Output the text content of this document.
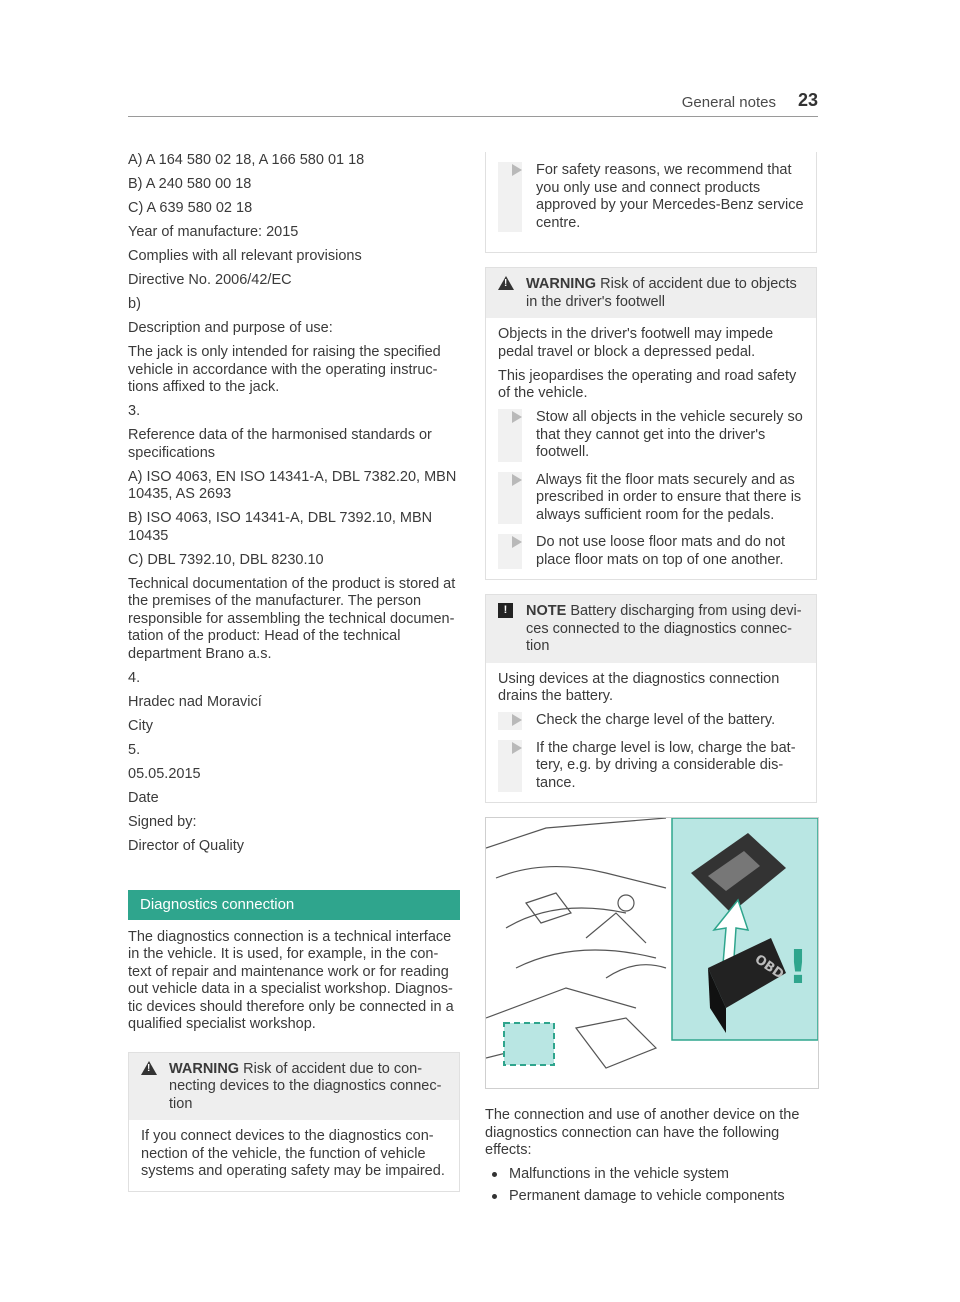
General notes 23

A) A 164 580 02 18, A 166 580 01 18

B) A 240 580 00 18

C) A 639 580 02 18

Year of manufacture: 2015

Complies with all relevant provisions

Directive No. 2006/42/EC

b)

Description and purpose of use:

The jack is only intended for raising the specified vehicle in accordance with the operating instruc-tions affixed to the jack.

3.

Reference data of the harmonised standards or specifications

A) ISO 4063, EN ISO 14341-A, DBL 7382.20, MBN 10435, AS 2693

B) ISO 4063, ISO 14341-A, DBL 7392.10, MBN 10435

C) DBL 7392.10, DBL 8230.10

Technical documentation of the product is stored at the premises of the manufacturer. The person responsible for assembling the technical documen-tation of the product: Head of the technical department Brano a.s.

4.

Hradec nad Moravicí

City

5.

05.05.2015

Date

Signed by:

Director of Quality

Diagnostics connection

The diagnostics connection is a technical interface in the vehicle. It is used, for example, in the con-text of repair and maintenance work or for reading out vehicle data in a specialist workshop. Diagnos-tic devices should therefore only be connected in a qualified specialist workshop.

! WARNING Risk of accident due to con-necting devices to the diagnostics connec-tion
If you connect devices to the diagnostics con-nection of the vehicle, the function of vehicle systems and operating safety may be impaired.
For safety reasons, we recommend that you only use and connect products approved by your Mercedes-Benz service centre.
! WARNING Risk of accident due to objects in the driver's footwell

Objects in the driver's footwell may impede pedal travel or block a depressed pedal.

This jeopardises the operating and road safety of the vehicle.

Stow all objects in the vehicle securely so that they cannot get into the driver's footwell.
Always fit the floor mats securely and as prescribed in order to ensure that there is always sufficient room for the pedals.
Do not use loose floor mats and do not place floor mats on top of one another.
!	NOTE Battery discharging from using devi-ces connected to the diagnostics connec-tion

Using devices at the diagnostics connection drains the battery.

Check the charge level of the battery.
If the charge level is low, charge the bat-tery, e.g. by driving a considerable dis-tance.
OBD !

The connection and use of another device on the diagnostics connection can have the following effects:

Malfunctions in the vehicle system
Permanent damage to vehicle components
